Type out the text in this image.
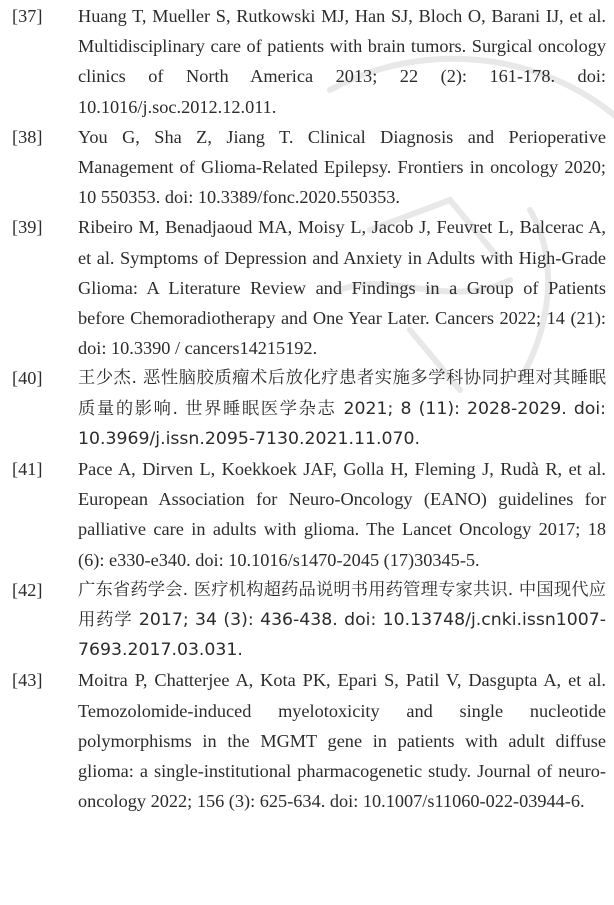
[37]	Huang T, Mueller S, Rutkowski MJ, Han SJ, Bloch O, Barani IJ, et al. Multidisciplinary care of patients with brain tumors. Surgical oncology clinics of North America 2013; 22 (2): 161-178. doi: 10.1016/j.soc.2012.12.011.
[38]	You G, Sha Z, Jiang T. Clinical Diagnosis and Perioperative Management of Glioma-Related Epilepsy. Frontiers in oncology 2020; 10 550353. doi: 10.3389/fonc.2020.550353.
[39]	Ribeiro M, Benadjaoud MA, Moisy L, Jacob J, Feuvret L, Balcerac A, et al. Symptoms of Depression and Anxiety in Adults with High-Grade Glioma: A Literature Review and Findings in a Group of Patients before Chemoradiotherapy and One Year Later. Cancers 2022; 14 (21): doi: 10.3390 / cancers14215192.
[40]	王少杰. 恶性脑胶质瘤术后放化疗患者实施多学科协同护理对其睡眠质量的影响. 世界睡眠医学杂志 2021; 8 (11): 2028-2029. doi: 10.3969/j.issn.2095-7130.2021.11.070.
[41]	Pace A, Dirven L, Koekkoek JAF, Golla H, Fleming J, Rudà R, et al. European Association for Neuro-Oncology (EANO) guidelines for palliative care in adults with glioma. The Lancet Oncology 2017; 18 (6): e330-e340. doi: 10.1016/s1470-2045 (17)30345-5.
[42]	广东省药学会. 医疗机构超药品说明书用药管理专家共识. 中国现代应用药学 2017; 34 (3): 436-438. doi: 10.13748/j.cnki.issn1007-7693.2017.03.031.
[43]	Moitra P, Chatterjee A, Kota PK, Epari S, Patil V, Dasgupta A, et al. Temozolomide-induced myelotoxicity and single nucleotide polymorphisms in the MGMT gene in patients with adult diffuse glioma: a single-institutional pharmacogenetic study. Journal of neuro-oncology 2022; 156 (3): 625-634. doi: 10.1007/s11060-022-03944-6.
